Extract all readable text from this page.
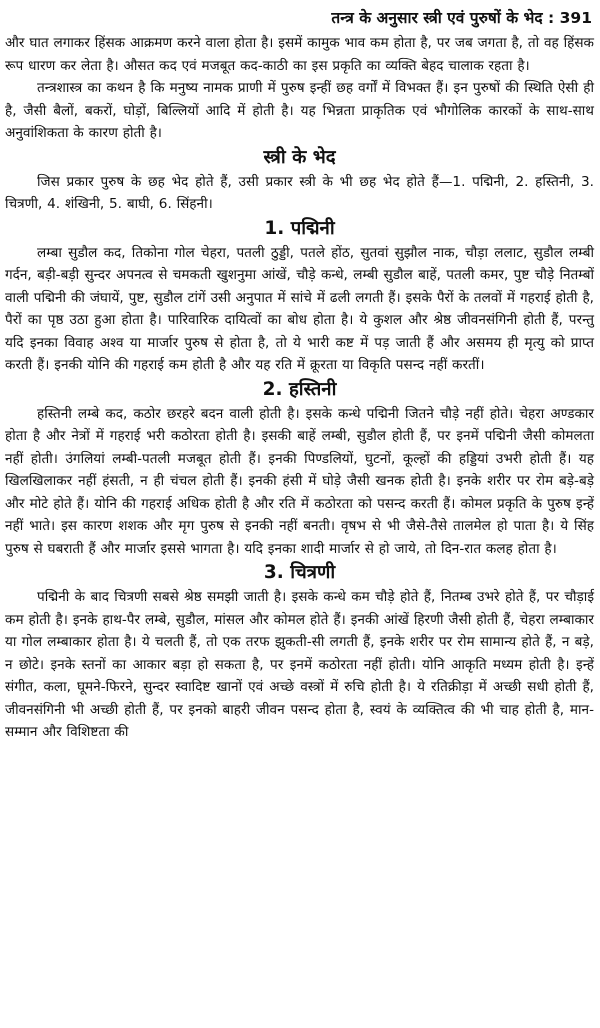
तन्त्र के अनुसार स्त्री एवं पुरुषों के भेद : 391

और घात लगाकर हिंसक आक्रमण करने वाला होता है। इसमें कामुक भाव कम होता है, पर जब जगता है, तो वह हिंसक रूप धारण कर लेता है। औसत कद एवं मजबूत कद-काठी का इस प्रकृति का व्यक्ति बेहद चालाक रहता है।

तन्त्रशास्त्र का कथन है कि मनुष्य नामक प्राणी में पुरुष इन्हीं छह वर्गों में विभक्त हैं। इन पुरुषों की स्थिति ऐसी ही है, जैसी बैलों, बकरों, घोड़ों, बिल्लियों आदि में होती है। यह भिन्नता प्राकृतिक एवं भौगोलिक कारकों के साथ-साथ अनुवांशिकता के कारण होती है।

स्त्री के भेद

जिस प्रकार पुरुष के छह भेद होते हैं, उसी प्रकार स्त्री के भी छह भेद होते हैं—1. पद्मिनी, 2. हस्तिनी, 3. चित्रणी, 4. शंखिनी, 5. बाघी, 6. सिंहनी।

1. पद्मिनी

लम्बा सुडौल कद, तिकोना गोल चेहरा, पतली ठुड्डी, पतले होंठ, सुतवां सुझौल नाक, चौड़ा ललाट, सुडौल लम्बी गर्दन, बड़ी-बड़ी सुन्दर अपनत्व से चमकती खुशनुमा आंखें, चौड़े कन्धे, लम्बी सुडौल बाहें, पतली कमर, पुष्ट चौड़े नितम्बों वाली पद्मिनी की जंघायें, पुष्ट, सुडौल टांगें उसी अनुपात में सांचे में ढली लगती हैं। इसके पैरों के तलवों में गहराई होती है, पैरों का पृष्ठ उठा हुआ होता है। पारिवारिक दायित्वों का बोध होता है। ये कुशल और श्रेष्ठ जीवनसंगिनी होती हैं, परन्तु यदि इनका विवाह अश्व या मार्जार पुरुष से होता है, तो ये भारी कष्ट में पड़ जाती हैं और असमय ही मृत्यु को प्राप्त करती हैं। इनकी योनि की गहराई कम होती है और यह रति में क्रूरता या विकृति पसन्द नहीं करतीं।

2. हस्तिनी

हस्तिनी लम्बे कद, कठोर छरहरे बदन वाली होती है। इसके कन्धे पद्मिनी जितने चौड़े नहीं होते। चेहरा अण्डकार होता है और नेत्रों में गहराई भरी कठोरता होती है। इसकी बाहें लम्बी, सुडौल होती हैं, पर इनमें पद्मिनी जैसी कोमलता नहीं होती। उंगलियां लम्बी-पतली मजबूत होती हैं। इनकी पिण्डलियों, घुटनों, कूल्हों की हड्डियां उभरी होती हैं। यह खिलखिलाकर नहीं हंसती, न ही चंचल होती हैं। इनकी हंसी में घोड़े जैसी खनक होती है। इनके शरीर पर रोम बड़े-बड़े और मोटे होते हैं। योनि की गहराई अधिक होती है और रति में कठोरता को पसन्द करती हैं। कोमल प्रकृति के पुरुष इन्हें नहीं भाते। इस कारण शशक और मृग पुरुष से इनकी नहीं बनती। वृषभ से भी जैसे-तैसे तालमेल हो पाता है। ये सिंह पुरुष से घबराती हैं और मार्जार इससे भागता है। यदि इनका शादी मार्जार से हो जाये, तो दिन-रात कलह होता है।

3. चित्रणी

पद्मिनी के बाद चित्रणी सबसे श्रेष्ठ समझी जाती है। इसके कन्धे कम चौड़े होते हैं, नितम्ब उभरे होते हैं, पर चौड़ाई कम होती है। इनके हाथ-पैर लम्बे, सुडौल, मांसल और कोमल होते हैं। इनकी आंखें हिरणी जैसी होती हैं, चेहरा लम्बाकार या गोल लम्बाकार होता है। ये चलती हैं, तो एक तरफ झुकती-सी लगती हैं, इनके शरीर पर रोम सामान्य होते हैं, न बड़े, न छोटे। इनके स्तनों का आकार बड़ा हो सकता है, पर इनमें कठोरता नहीं होती। योनि आकृति मध्यम होती है। इन्हें संगीत, कला, घूमने-फिरने, सुन्दर स्वादिष्ट खानों एवं अच्छे वस्त्रों में रुचि होती है। ये रतिक्रीड़ा में अच्छी सधी होती हैं, जीवनसंगिनी भी अच्छी होती हैं, पर इनको बाहरी जीवन पसन्द होता है, स्वयं के व्यक्तित्व की भी चाह होती है, मान-सम्मान और विशिष्टता की
